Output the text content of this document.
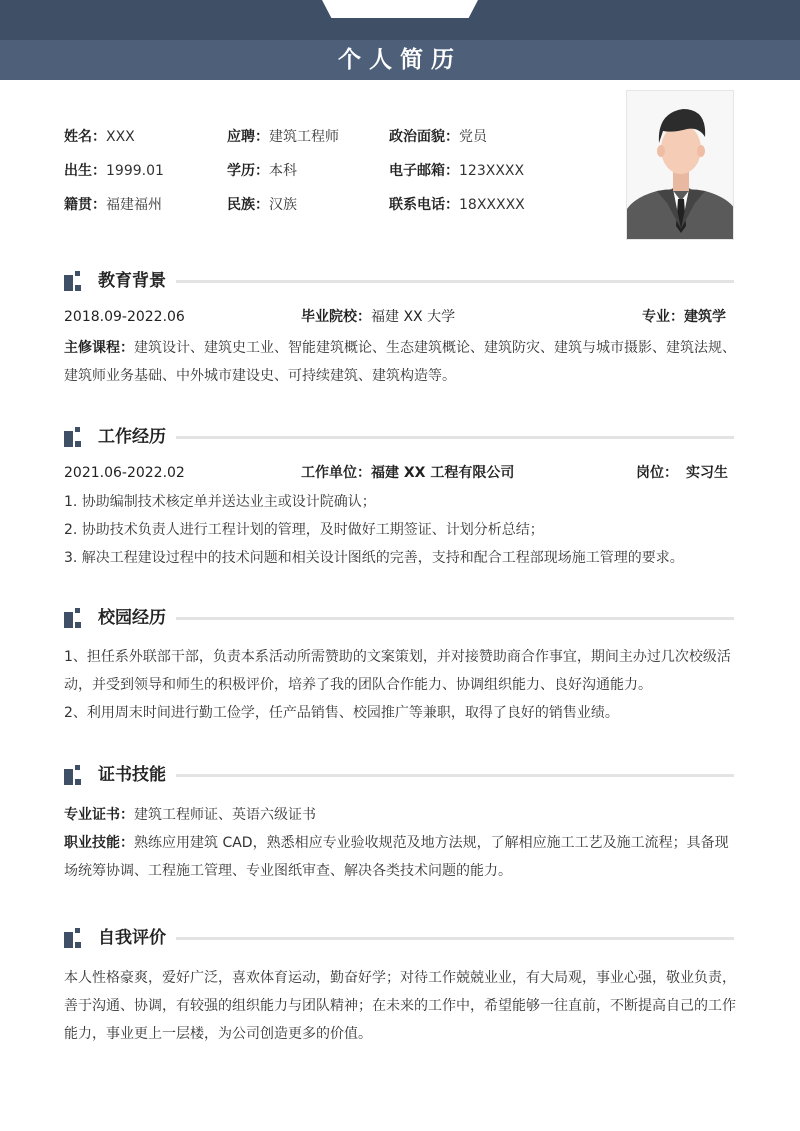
个人简历
姓名：XXX	应聘：建筑工程师	政治面貌：党员
出生：1999.01	学历：本科	电子邮箱：123XXXX
籍贯：福建福州	民族：汉族	联系电话：18XXXXX
教育背景
2018.09-2022.06	毕业院校：福建 XX 大学	专业：建筑学
主修课程：建筑设计、建筑史工业、智能建筑概论、生态建筑概论、建筑防灾、建筑与城市摄影、建筑法规、建筑师业务基础、中外城市建设史、可持续建筑、建筑构造等。
工作经历
2021.06-2022.02	工作单位：福建 XX 工程有限公司	岗位： 实习生
1. 协助编制技术核定单并送达业主或设计院确认；
2. 协助技术负责人进行工程计划的管理，及时做好工期签证、计划分析总结；
3. 解决工程建设过程中的技术问题和相关设计图纸的完善，支持和配合工程部现场施工管理的要求。
校园经历
1、担任系外联部干部，负责本系活动所需赞助的文案策划，并对接赞助商合作事宜，期间主办过几次校级活动，并受到领导和师生的积极评价，培养了我的团队合作能力、协调组织能力、良好沟通能力。
2、利用周末时间进行勤工俭学，任产品销售、校园推广等兼职，取得了良好的销售业绩。
证书技能
专业证书：建筑工程师证、英语六级证书
职业技能：熟练应用建筑 CAD，熟悉相应专业验收规范及地方法规，了解相应施工工艺及施工流程；具备现场统筹协调、工程施工管理、专业图纸审查、解决各类技术问题的能力。
自我评价
本人性格豪爽，爱好广泛，喜欢体育运动，勤奋好学；对待工作兢兢业业，有大局观，事业心强，敬业负责，善于沟通、协调，有较强的组织能力与团队精神；在未来的工作中，希望能够一往直前，不断提高自己的工作能力，事业更上一层楼，为公司创造更多的价值。
